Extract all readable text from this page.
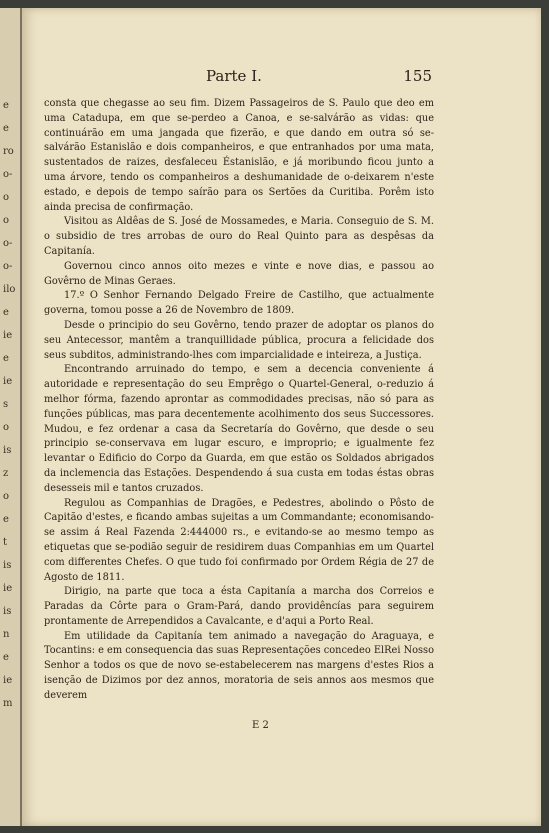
e
e
ro
o-
o
o
o-
o-
ilo
e
ie
e
ie
s
o
is
z
o
e
t
is
ie
is
n
e
ie
m
Parte I.	155

consta que chegasse ao seu fim. Dizem Passageiros de S. Paulo que deo em uma Catadupa, em que se-perdeo a Canoa, e se-salvárão as vidas: que continuárão em uma jangada que fizerão, e que dando em outra só se-salvárão Estanislão e dois companheiros, e que entranhados por uma mata, sustentados de raizes, desfaleceu Éstanislão, e já moribundo ficou junto a uma árvore, tendo os companheiros a deshumanidade de o-deixarem n'este estado, e depois de tempo saírão para os Sertões da Curitiba. Porêm isto ainda precisa de confirmação.

Visitou as Aldêas de S. José de Mossamedes, e Maria. Conseguio de S. M. o subsidio de tres arrobas de ouro do Real Quinto para as despêsas da Capitanía.

Governou cinco annos oito mezes e vinte e nove dias, e passou ao Govêrno de Minas Geraes.

17.º O Senhor Fernando Delgado Freire de Castilho, que actualmente governa, tomou posse a 26 de Novembro de 1809.

Desde o principio do seu Govêrno, tendo prazer de adoptar os planos do seu Antecessor, mantêm a tranquillidade pública, procura a felicidade dos seus subditos, administrando-lhes com imparcialidade e inteireza, a Justiça.

Encontrando arruinado do tempo, e sem a decencia conveniente á autoridade e representação do seu Emprêgo o Quartel-General, o-reduzio á melhor fórma, fazendo aprontar as commodidades precisas, não só para as funções públicas, mas para decentemente acolhimento dos seus Successores. Mudou, e fez ordenar a casa da Secretaría do Govêrno, que desde o seu principio se-conservava em lugar escuro, e improprio; e igualmente fez levantar o Edificio do Corpo da Guarda, em que estão os Soldados abrigados da inclemencia das Estações. Despendendo á sua custa em todas éstas obras desesseis mil e tantos cruzados.

Regulou as Companhias de Dragões, e Pedestres, abolindo o Pôsto de Capitão d'estes, e ficando ambas sujeitas a um Commandante; economisando-se assim á Real Fazenda 2:444000 rs., e evitando-se ao mesmo tempo as etiquetas que se-podião seguir de residirem duas Companhias em um Quartel com differentes Chefes. O que tudo foi confirmado por Ordem Régia de 27 de Agosto de 1811.

Dirigio, na parte que toca a ésta Capitanía a marcha dos Correios e Paradas da Côrte para o Gram-Pará, dando providêncías para seguirem prontamente de Arrependidos a Cavalcante, e d'aqui a Porto Real.

Em utilidade da Capitanía tem animado a navegação do Araguaya, e Tocantins: e em consequencia das suas Representações concedeo ElRei Nosso Senhor a todos os que de novo se-estabelecerem nas margens d'estes Rios a isenção de Dizimos por dez annos, moratoria de seis annos aos mesmos que deverem

E 2
